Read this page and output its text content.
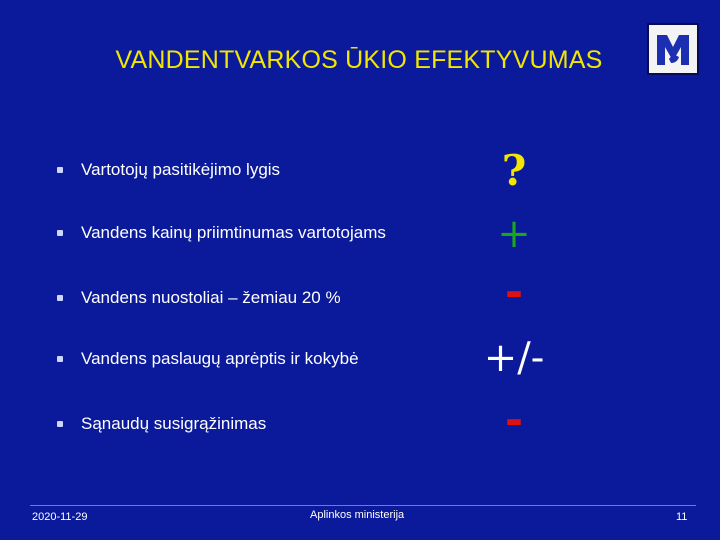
VANDENTVARKOS ŪKIO EFEKTYVUMAS
Vartotojų pasitikėjimo lygis
Vandens kainų priimtinumas vartotojams
Vandens nuostoliai – žemiau 20 %
Vandens paslaugų aprėptis ir kokybė
Sąnaudų susigrąžinimas
?
+
-
+/-
-
2020-11-29	Aplinkos ministerija	11
